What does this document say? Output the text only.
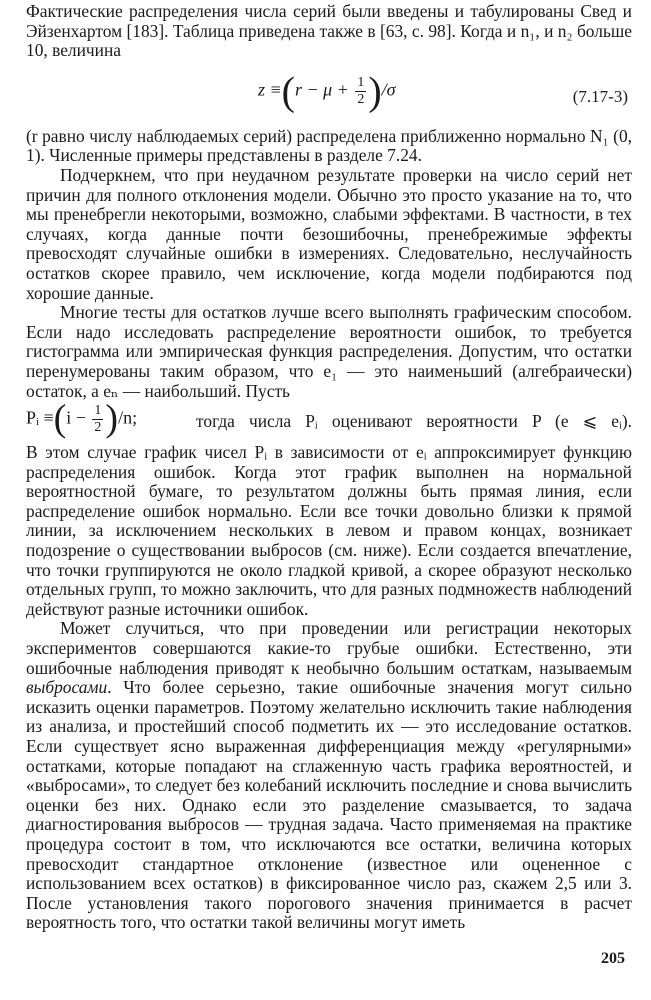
Фактические распределения числа серий были введены и табулированы Свед и Эйзенхартом [183]. Таблица приведена также в [63, с. 98]. Когда и n₁, и n₂ больше 10, величина

$z \equiv(r - \mu + \frac{1}{2} )/\sigma$	(7.17-3)

(r равно числу наблюдаемых серий) распределена приближенно нормально N₁ (0, 1). Численные примеры представлены в разделе 7.24.

Подчеркнем, что при неудачном результате проверки на число серий нет причин для полного отклонения модели. Обычно это просто указание на то, что мы пренебрегли некоторыми, возможно, слабыми эффектами. В частности, в тех случаях, когда данные почти безошибочны, пренебрежимые эффекты превосходят случайные ошибки в измерениях. Следовательно, неслучайность остатков скорее правило, чем исключение, когда модели подбираются под хорошие данные.

Многие тесты для остатков лучше всего выполнять графическим способом. Если надо исследовать распределение вероятности ошибок, то требуется гистограмма или эмпирическая функция распределения. Допустим, что остатки перенумерованы таким образом, что e₁ — это наименьший (алгебраически) остаток, а eₙ — наибольший. Пусть

Pᵢ $\equiv(i - \frac{1}{2} )/n$;	тогда числа Pᵢ оценивают вероятности P (e ⩽ eᵢ).

В этом случае график чисел Pᵢ в зависимости от eᵢ аппроксимирует функцию распределения ошибок. Когда этот график выполнен на нормальной вероятностной бумаге, то результатом должны быть прямая линия, если распределение ошибок нормально. Если все точки довольно близки к прямой линии, за исключением нескольких в левом и правом концах, возникает подозрение о существовании выбросов (см. ниже). Если создается впечатление, что точки группируются не около гладкой кривой, а скорее образуют несколько отдельных групп, то можно заключить, что для разных подмножеств наблюдений действуют разные источники ошибок.

Может случиться, что при проведении или регистрации некоторых экспериментов совершаются какие-то грубые ошибки. Естественно, эти ошибочные наблюдения приводят к необычно большим остаткам, называемым выбросами. Что более серьезно, такие ошибочные значения могут сильно исказить оценки параметров. Поэтому желательно исключить такие наблюдения из анализа, и простейший способ подметить их — это исследование остатков. Если существует ясно выраженная дифференциация между «регулярными» остатками, которые попадают на сглаженную часть графика вероятностей, и «выбросами», то следует без колебаний исключить последние и снова вычислить оценки без них. Однако если это разделение смазывается, то задача диагностирования выбросов — трудная задача. Часто применяемая на практике процедура состоит в том, что исключаются все остатки, величина которых превосходит стандартное отклонение (известное или оцененное с использованием всех остатков) в фиксированное число раз, скажем 2,5 или 3. После установления такого порогового значения принимается в расчет вероятность того, что остатки такой величины могут иметь

205
